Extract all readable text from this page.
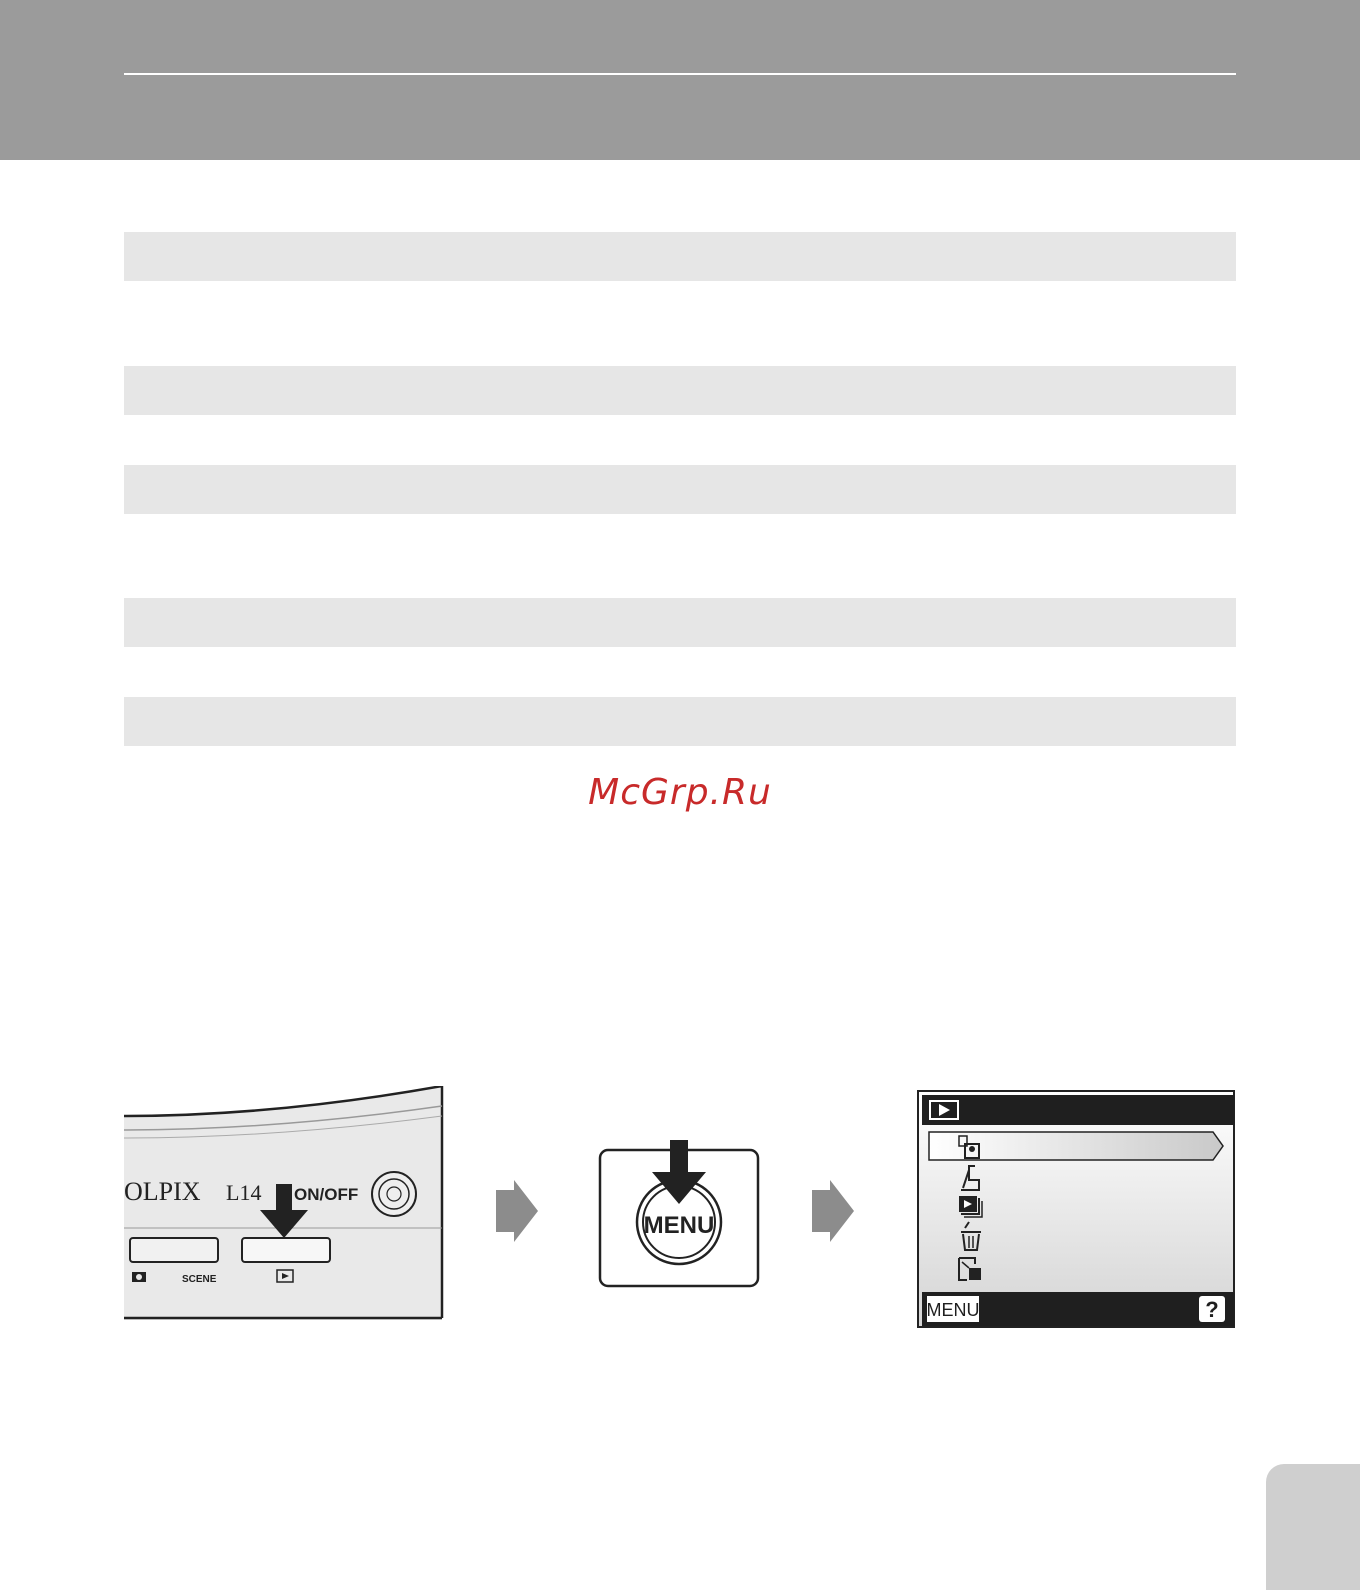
McGrp.Ru
OLPIX L14 ON/OFF
SCENE
MENU
MENU	?
